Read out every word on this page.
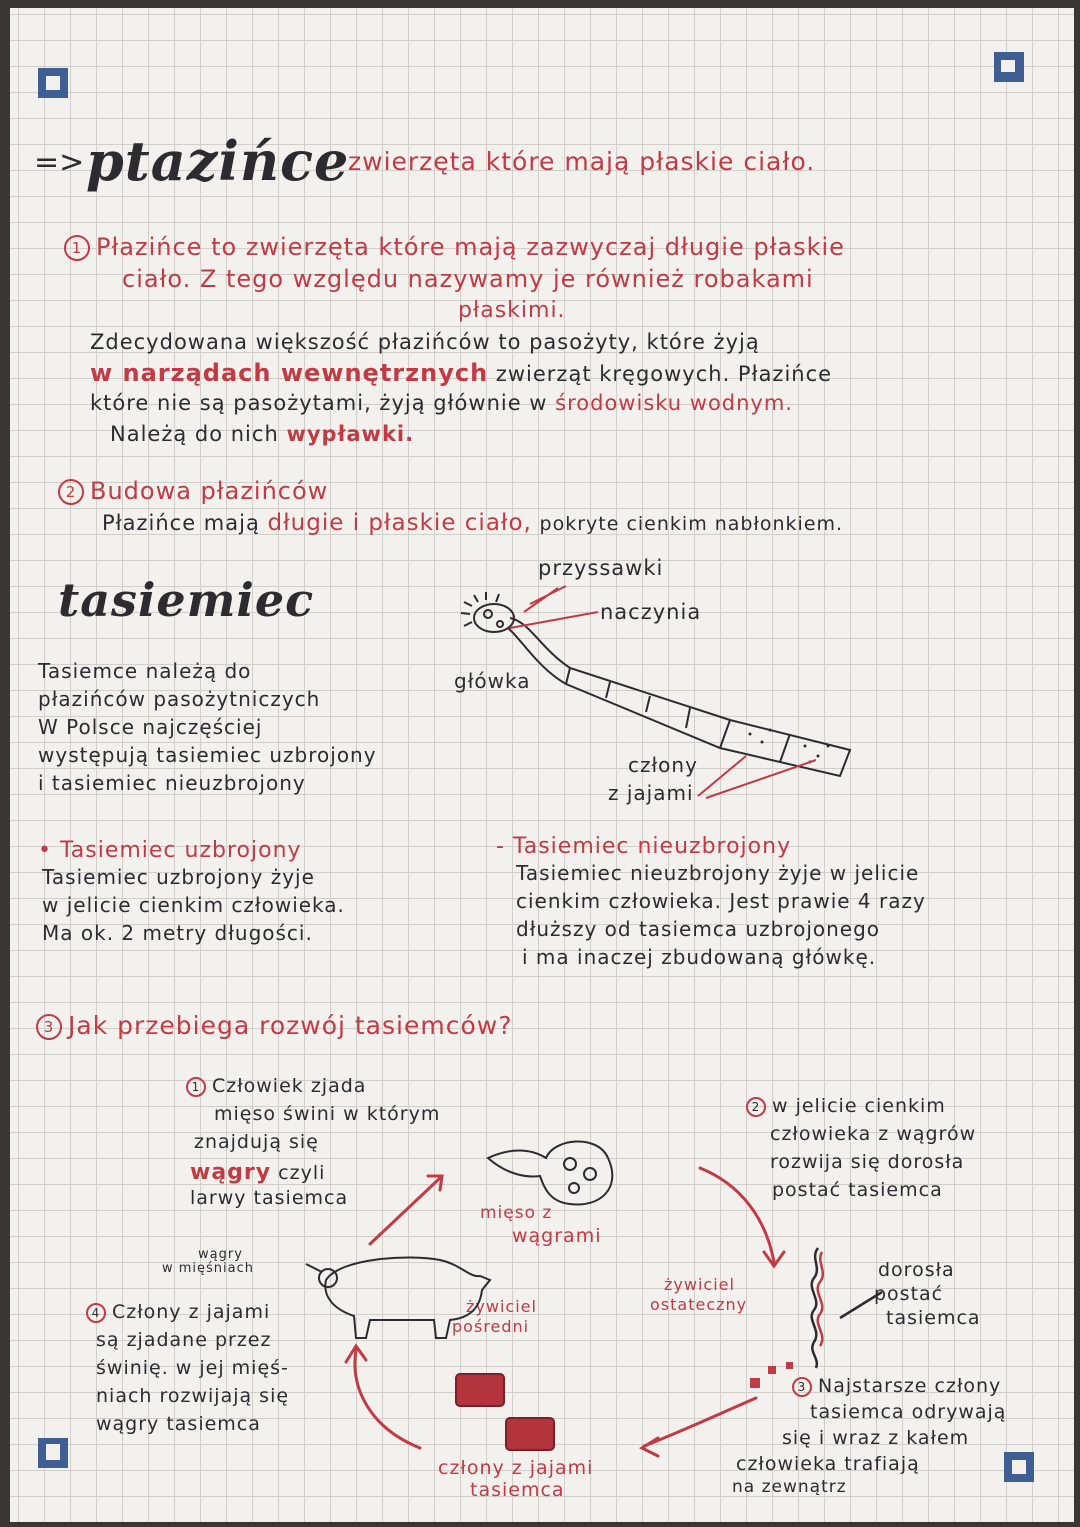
=> ptazińce
zwierzęta które mają płaskie ciało.
1 Płazińce to zwierzęta które mają zazwyczaj długie płaskie
ciało. Z tego względu nazywamy je również robakami
płaskimi.
Zdecydowana większość płazińców to pasożyty, które żyją
w narządach wewnętrznych zwierząt kręgowych. Płazińce
które nie są pasożytami, żyją głównie w środowisku wodnym.
Należą do nich wypławki.
2 Budowa płazińców
Płazińce mają długie i płaskie ciało, pokryte cienkim nabłonkiem.
tasiemiec
Tasiemce należą do
płazińców pasożytniczych
W Polsce najczęściej
występują tasiemiec uzbrojony
i tasiemiec nieuzbrojony
przyssawki
naczynia
główka
człony
z jajami
• Tasiemiec uzbrojony
Tasiemiec uzbrojony żyje
w jelicie cienkim człowieka.
Ma ok. 2 metry długości.
- Tasiemiec nieuzbrojony
Tasiemiec nieuzbrojony żyje w jelicie
cienkim człowieka. Jest prawie 4 razy
dłuższy od tasiemca uzbrojonego
i ma inaczej zbudowaną główkę.
3 Jak przebiega rozwój tasiemców?
1 Człowiek zjada
mięso świni w którym
znajdują się
wągry czyli
larwy tasiemca
2 w jelicie cienkim
człowieka z wągrów
rozwija się dorosła
postać tasiemca
mięso z
wągrami
wągry
w mięśniach
żywiciel
pośredni
żywiciel
ostateczny
dorosła
postać
tasiemca
4 Człony z jajami
są zjadane przez
świnię. w jej mięś-
niach rozwijają się
wągry tasiemca
3 Najstarsze człony
tasiemca odrywają
się i wraz z kałem
człowieka trafiają
na zewnątrz
człony z jajami
tasiemca
